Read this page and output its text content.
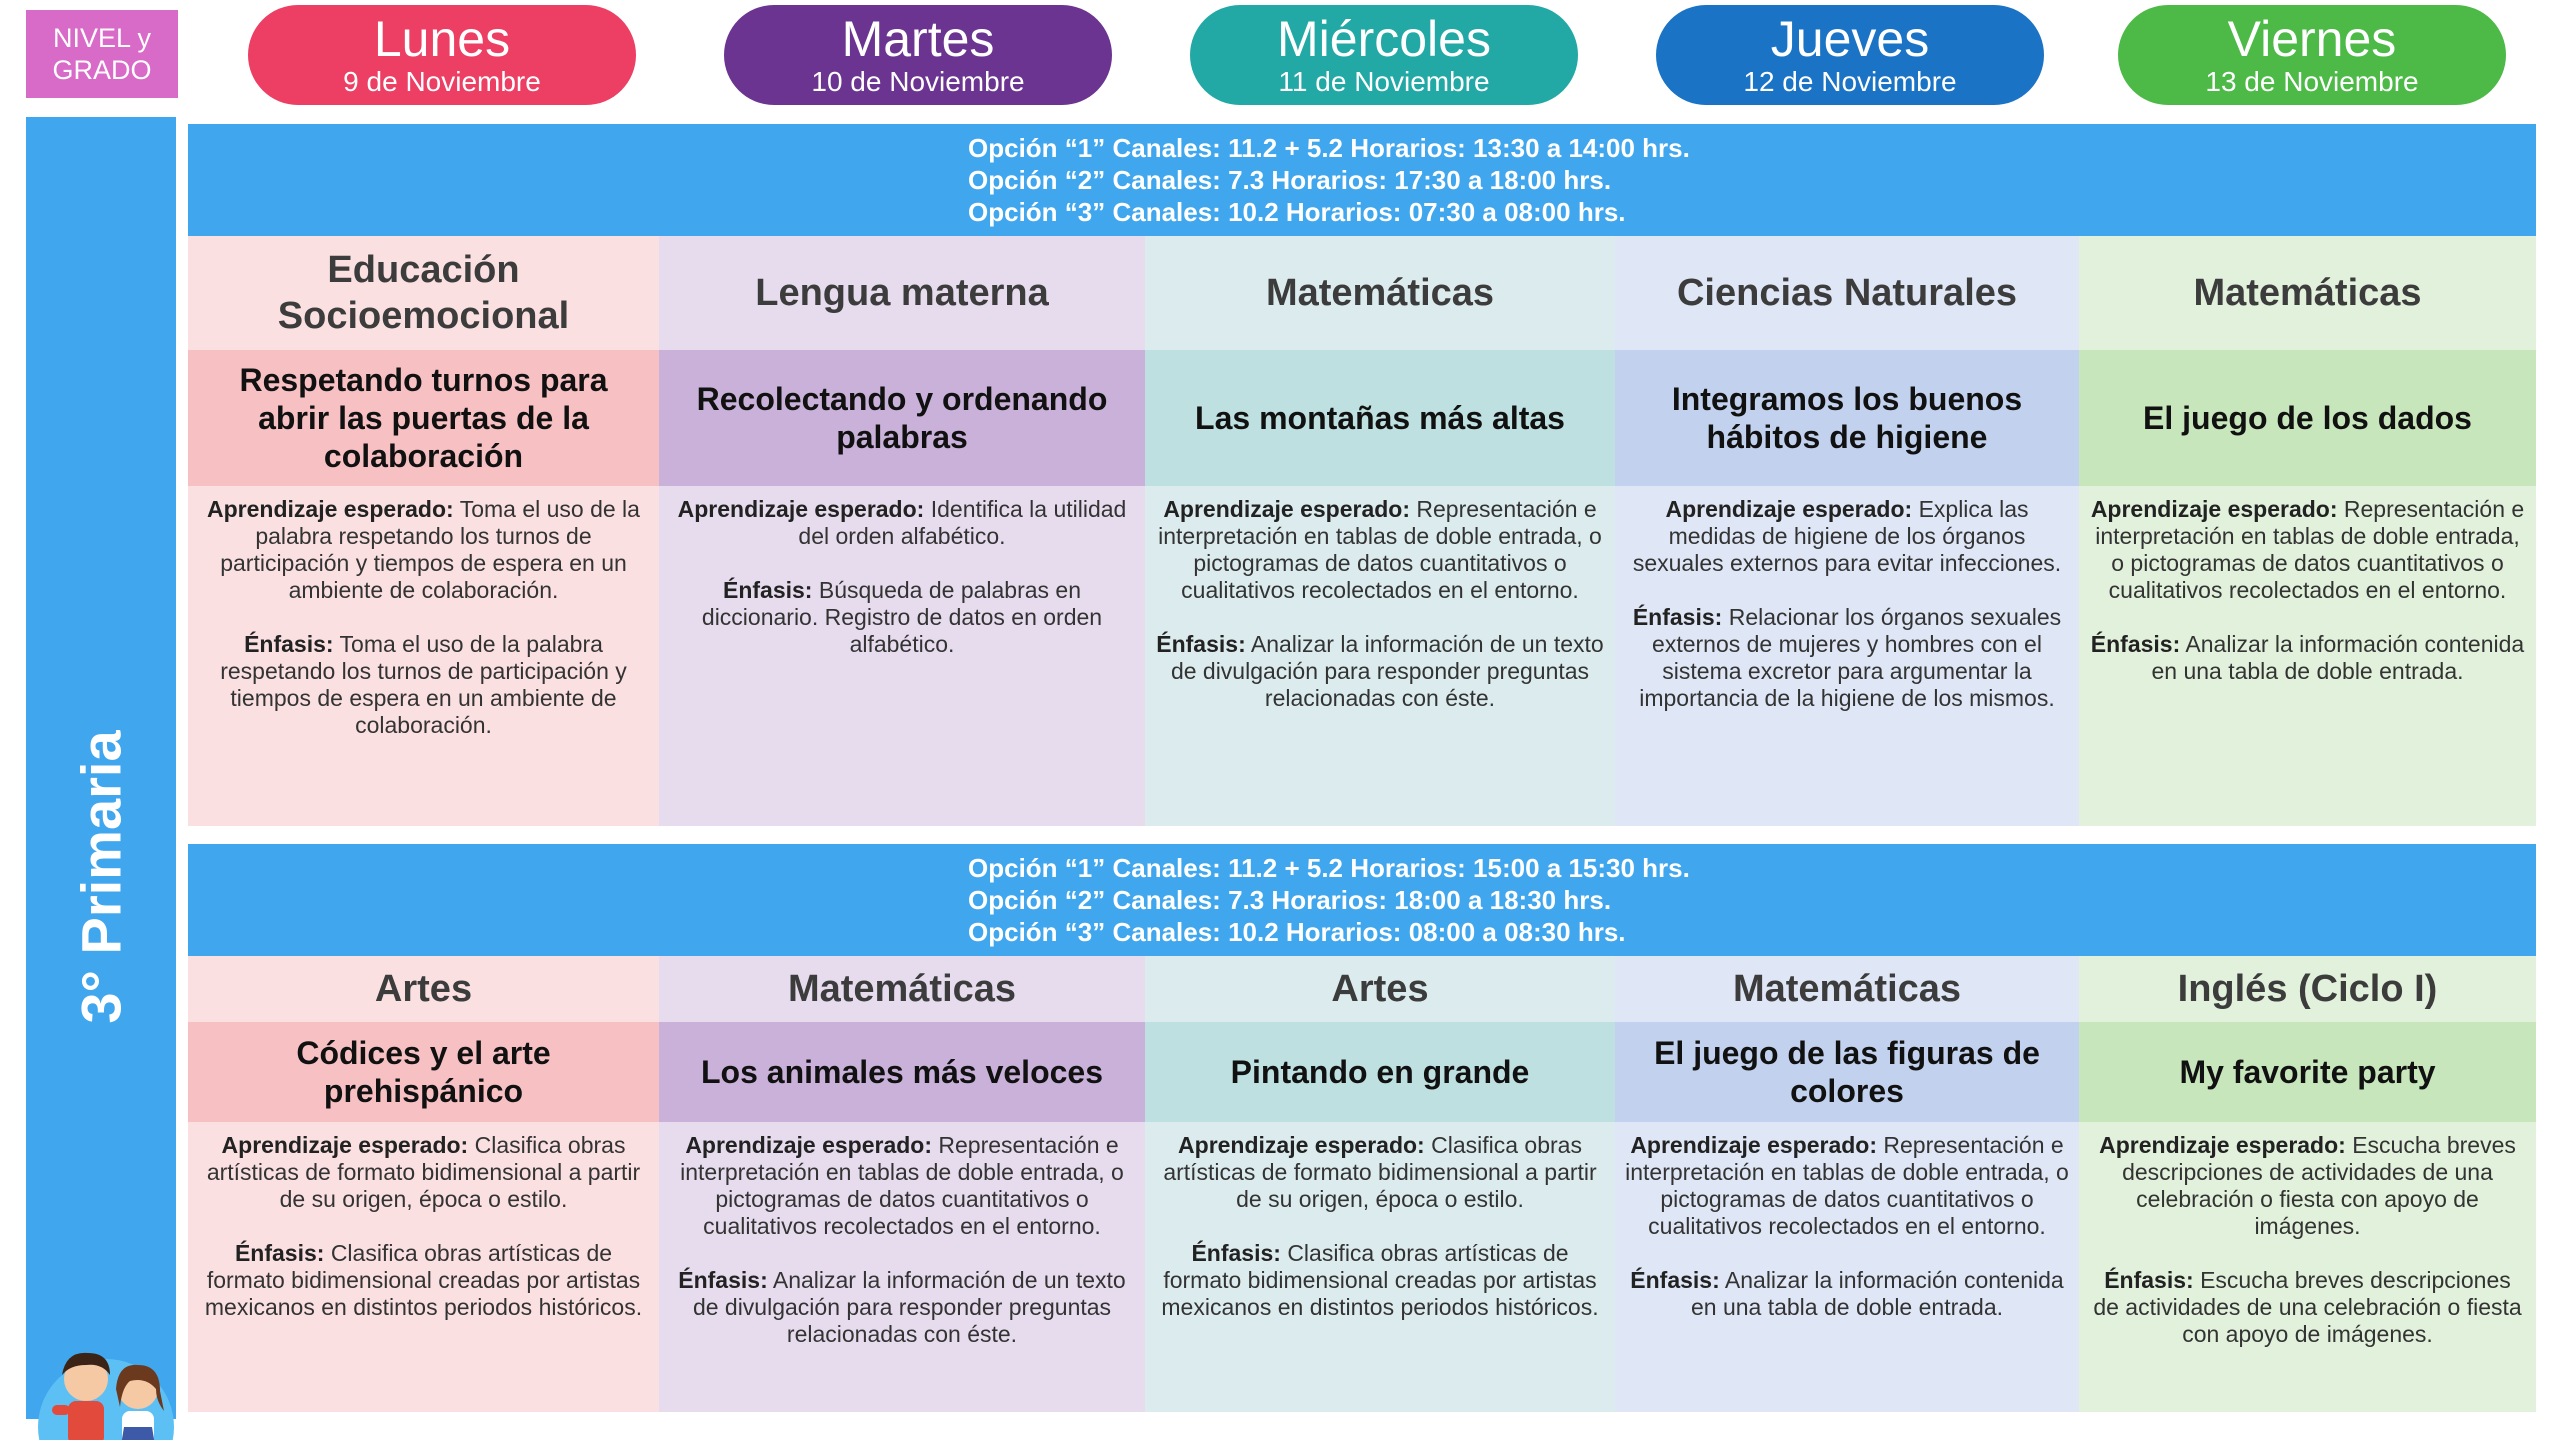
NIVEL y
GRADO
Lunes
9 de Noviembre
Martes
10 de Noviembre
Miércoles
11 de Noviembre
Jueves
12 de Noviembre
Viernes
13 de Noviembre
3° Primaria
Opción “1” Canales: 11.2 + 5.2 Horarios: 13:30 a 14:00 hrs.
Opción “2” Canales: 7.3 Horarios: 17:30 a 18:00 hrs.
Opción “3” Canales: 10.2 Horarios: 07:30 a 08:00 hrs.
Educación Socioemocional
Respetando turnos para abrir las puertas de la colaboración

Aprendizaje esperado: Toma el uso de la palabra respetando los turnos de participación y tiempos de espera en un ambiente de colaboración.

Énfasis: Toma el uso de la palabra respetando los turnos de participación y tiempos de espera en un ambiente de colaboración.

Lengua materna
Recolectando y ordenando palabras

Aprendizaje esperado: Identifica la utilidad del orden alfabético.

Énfasis: Búsqueda de palabras en diccionario. Registro de datos en orden alfabético.

Matemáticas
Las montañas más altas

Aprendizaje esperado: Representación e interpretación en tablas de doble entrada, o pictogramas de datos cuantitativos o cualitativos recolectados en el entorno.

Énfasis: Analizar la información de un texto de divulgación para responder preguntas relacionadas con éste.

Ciencias Naturales
Integramos los buenos hábitos de higiene

Aprendizaje esperado: Explica las medidas de higiene de los órganos sexuales externos para evitar infecciones.

Énfasis: Relacionar los órganos sexuales externos de mujeres y hombres con el sistema excretor para argumentar la importancia de la higiene de los mismos.

Matemáticas
El juego de los dados

Aprendizaje esperado: Representación e interpretación en tablas de doble entrada, o pictogramas de datos cuantitativos o cualitativos recolectados en el entorno.

Énfasis: Analizar la información contenida en una tabla de doble entrada.

Opción “1” Canales: 11.2 + 5.2 Horarios: 15:00 a 15:30 hrs.
Opción “2” Canales: 7.3 Horarios: 18:00 a 18:30 hrs.
Opción “3” Canales: 10.2 Horarios: 08:00 a 08:30 hrs.
Artes
Códices y el arte prehispánico

Aprendizaje esperado: Clasifica obras artísticas de formato bidimensional a partir de su origen, época o estilo.

Énfasis: Clasifica obras artísticas de formato bidimensional creadas por artistas mexicanos en distintos periodos históricos.

Matemáticas
Los animales más veloces

Aprendizaje esperado: Representación e interpretación en tablas de doble entrada, o pictogramas de datos cuantitativos o cualitativos recolectados en el entorno.

Énfasis: Analizar la información de un texto de divulgación para responder preguntas relacionadas con éste.

Artes
Pintando en grande

Aprendizaje esperado: Clasifica obras artísticas de formato bidimensional a partir de su origen, época o estilo.

Énfasis: Clasifica obras artísticas de formato bidimensional creadas por artistas mexicanos en distintos periodos históricos.

Matemáticas
El juego de las figuras de colores

Aprendizaje esperado: Representación e interpretación en tablas de doble entrada, o pictogramas de datos cuantitativos o cualitativos recolectados en el entorno.

Énfasis: Analizar la información contenida en una tabla de doble entrada.

Inglés (Ciclo I)
My favorite party

Aprendizaje esperado: Escucha breves descripciones de actividades de una celebración o fiesta con apoyo de imágenes.

Énfasis: Escucha breves descripciones de actividades de una celebración o fiesta con apoyo de imágenes.
